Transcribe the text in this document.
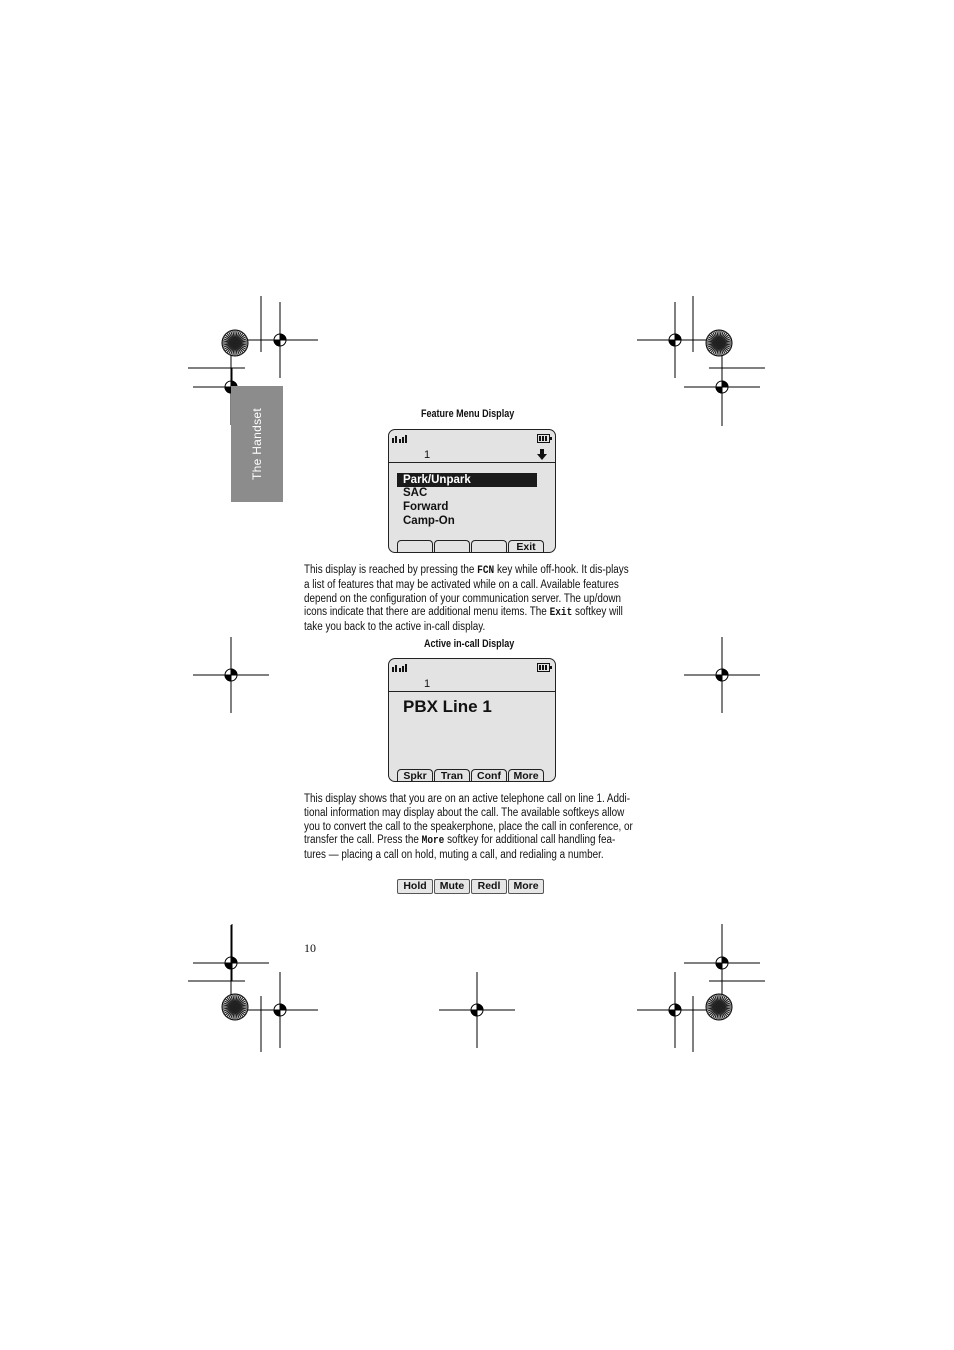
The Handset	Feature Menu Display
1
Park/Unpark
SAC
Forward
Camp-On
Exit
This display is reached by pressing the FCN key while off-hook. It dis-plays a list of features that may be activated while on a call. Available features depend on the configuration of your communication server. The up/down icons indicate that there are additional menu items. The Exit softkey will take you back to the active in-call display.
Active in-call Display
1
PBX Line 1
Spkr	Tran	Conf	More
This display shows that you are on an active telephone call on line 1. Addi-tional information may display about the call. The available softkeys allow you to convert the call to the speakerphone, place the call in conference, or transfer the call. Press the More softkey for additional call handling fea-tures — placing a call on hold, muting a call, and redialing a number.
Hold	Mute	Redl	More
10
